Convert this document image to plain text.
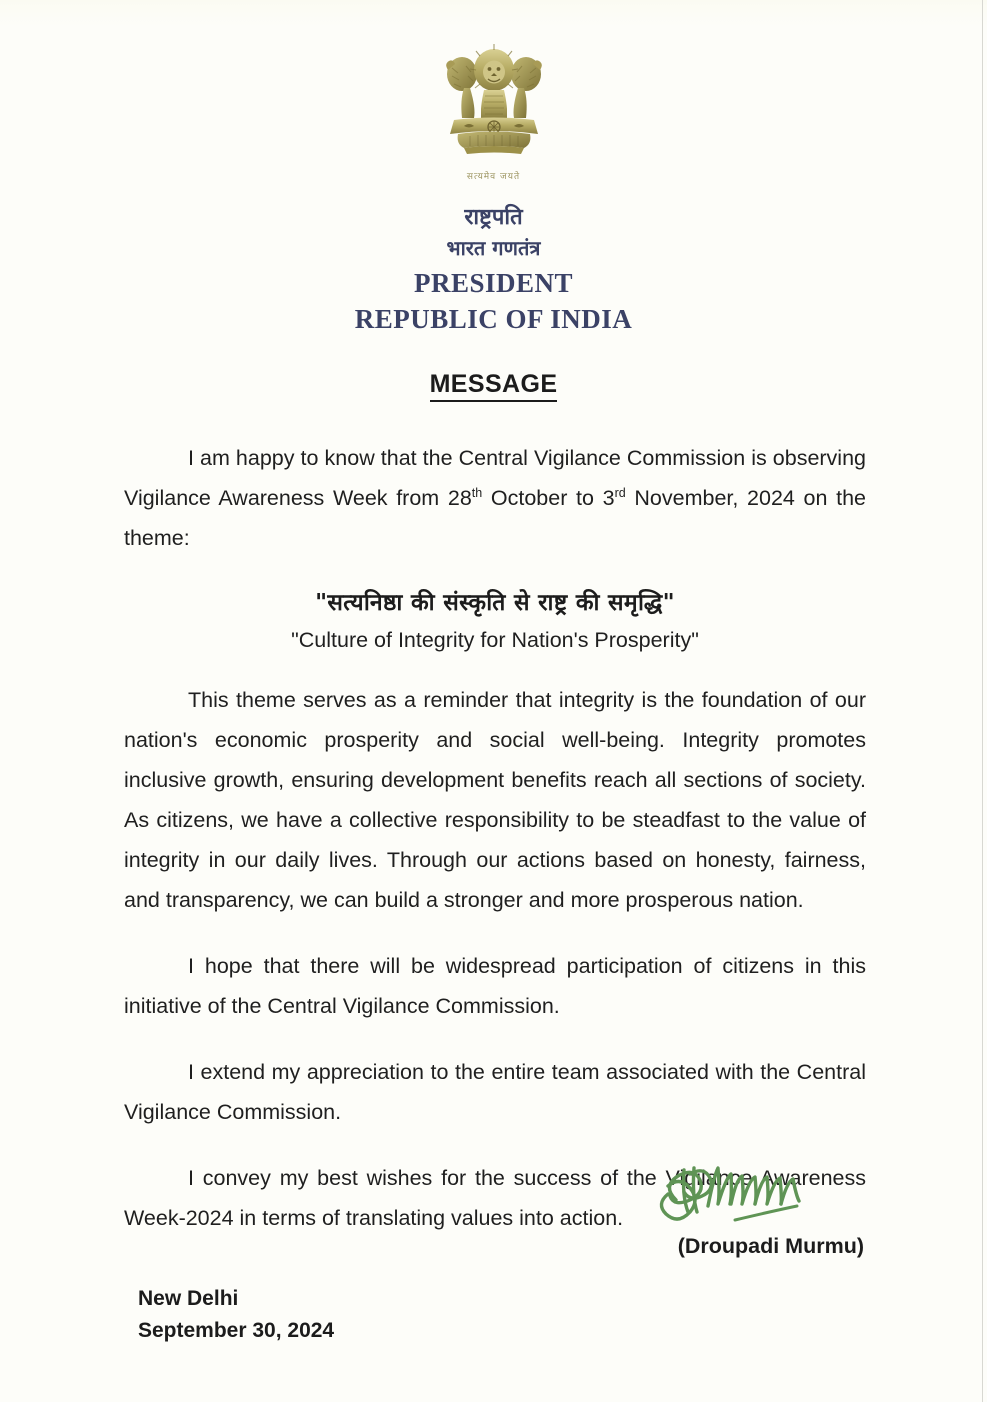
सत्यमेव जयते
राष्ट्रपति
भारत गणतंत्र
PRESIDENT
REPUBLIC OF INDIA
MESSAGE

I am happy to know that the Central Vigilance Commission is observing Vigilance Awareness Week from 28th October to 3rd November, 2024 on the theme:

"सत्यनिष्ठा की संस्कृति से राष्ट्र की समृद्धि"
"Culture of Integrity for Nation's Prosperity"

This theme serves as a reminder that integrity is the foundation of our nation's economic prosperity and social well-being. Integrity promotes inclusive growth, ensuring development benefits reach all sections of society. As citizens, we have a collective responsibility to be steadfast to the value of integrity in our daily lives. Through our actions based on honesty, fairness, and transparency, we can build a stronger and more prosperous nation.

I hope that there will be widespread participation of citizens in this initiative of the Central Vigilance Commission.

I extend my appreciation to the entire team associated with the Central Vigilance Commission.

I convey my best wishes for the success of the Vigilance Awareness Week-2024 in terms of translating values into action.

(Droupadi Murmu)
New Delhi
September 30, 2024
